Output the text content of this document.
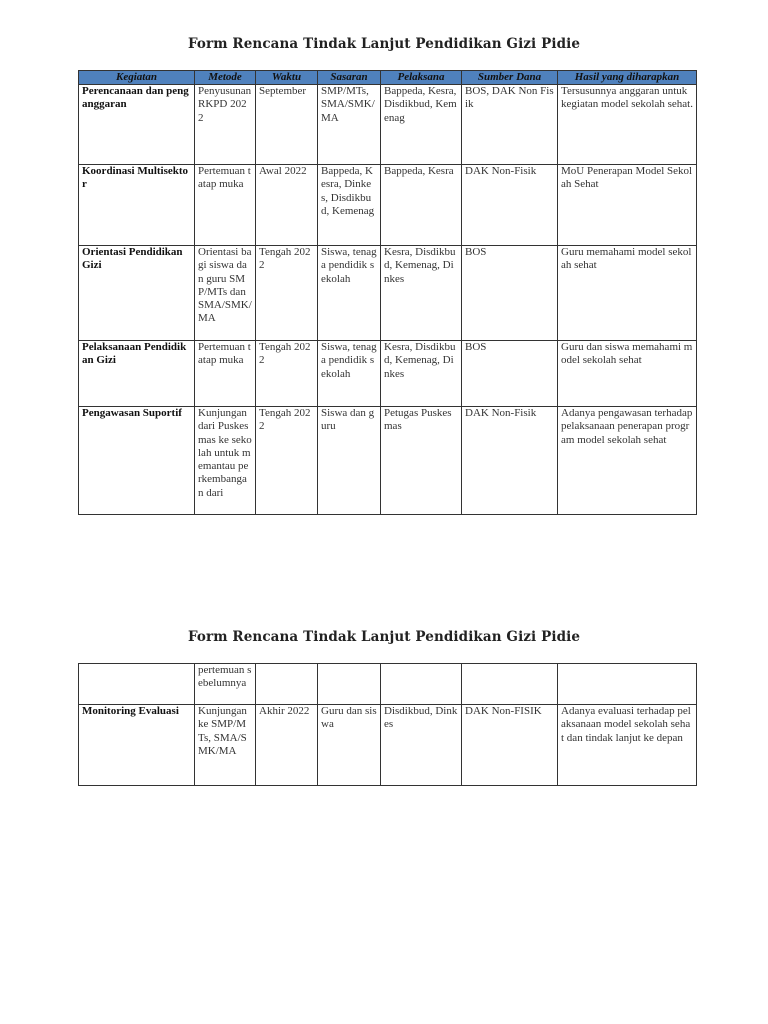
Form Rencana Tindak Lanjut Pendidikan Gizi Pidie
Kegiatan	Metode	Waktu	Sasaran	Pelaksana	Sumber Dana	Hasil yang diharapkan
Perencanaan dan penganggaran	Penyusunan RKPD 2022	September	SMP/MTs, SMA/SMK/MA	Bappeda, Kesra, Disdikbud, Kemenag	BOS, DAK Non Fisik	Tersusunnya anggaran untuk kegiatan model sekolah sehat.
Koordinasi Multisektor	Pertemuan tatap muka	Awal 2022	Bappeda, Kesra, Dinkes, Disdikbud, Kemenag	Bappeda, Kesra	DAK Non-Fisik	MoU Penerapan Model Sekolah Sehat
Orientasi Pendidikan Gizi	Orientasi bagi siswa dan guru SMP/MTs dan SMA/SMK/MA	Tengah 2022	Siswa, tenaga pendidik sekolah	Kesra, Disdikbud, Kemenag, Dinkes	BOS	Guru memahami model sekolah sehat
Pelaksanaan Pendidikan Gizi	Pertemuan tatap muka	Tengah 2022	Siswa, tenaga pendidik sekolah	Kesra, Disdikbud, Kemenag, Dinkes	BOS	Guru dan siswa memahami model sekolah sehat
Pengawasan Suportif	Kunjungan dari Puskesmas ke sekolah untuk memantau perkembangan dari	Tengah 2022	Siswa dan guru	Petugas Puskesmas	DAK Non-Fisik	Adanya pengawasan terhadap pelaksanaan penerapan program model sekolah sehat
Form Rencana Tindak Lanjut Pendidikan Gizi Pidie
	pertemuan sebelumnya					
Monitoring Evaluasi	Kunjungan ke SMP/MTs, SMA/SMK/MA	Akhir 2022	Guru dan siswa	Disdikbud, Dinkes	DAK Non-FISIK	Adanya evaluasi terhadap pelaksanaan model sekolah sehat dan tindak lanjut ke depan
